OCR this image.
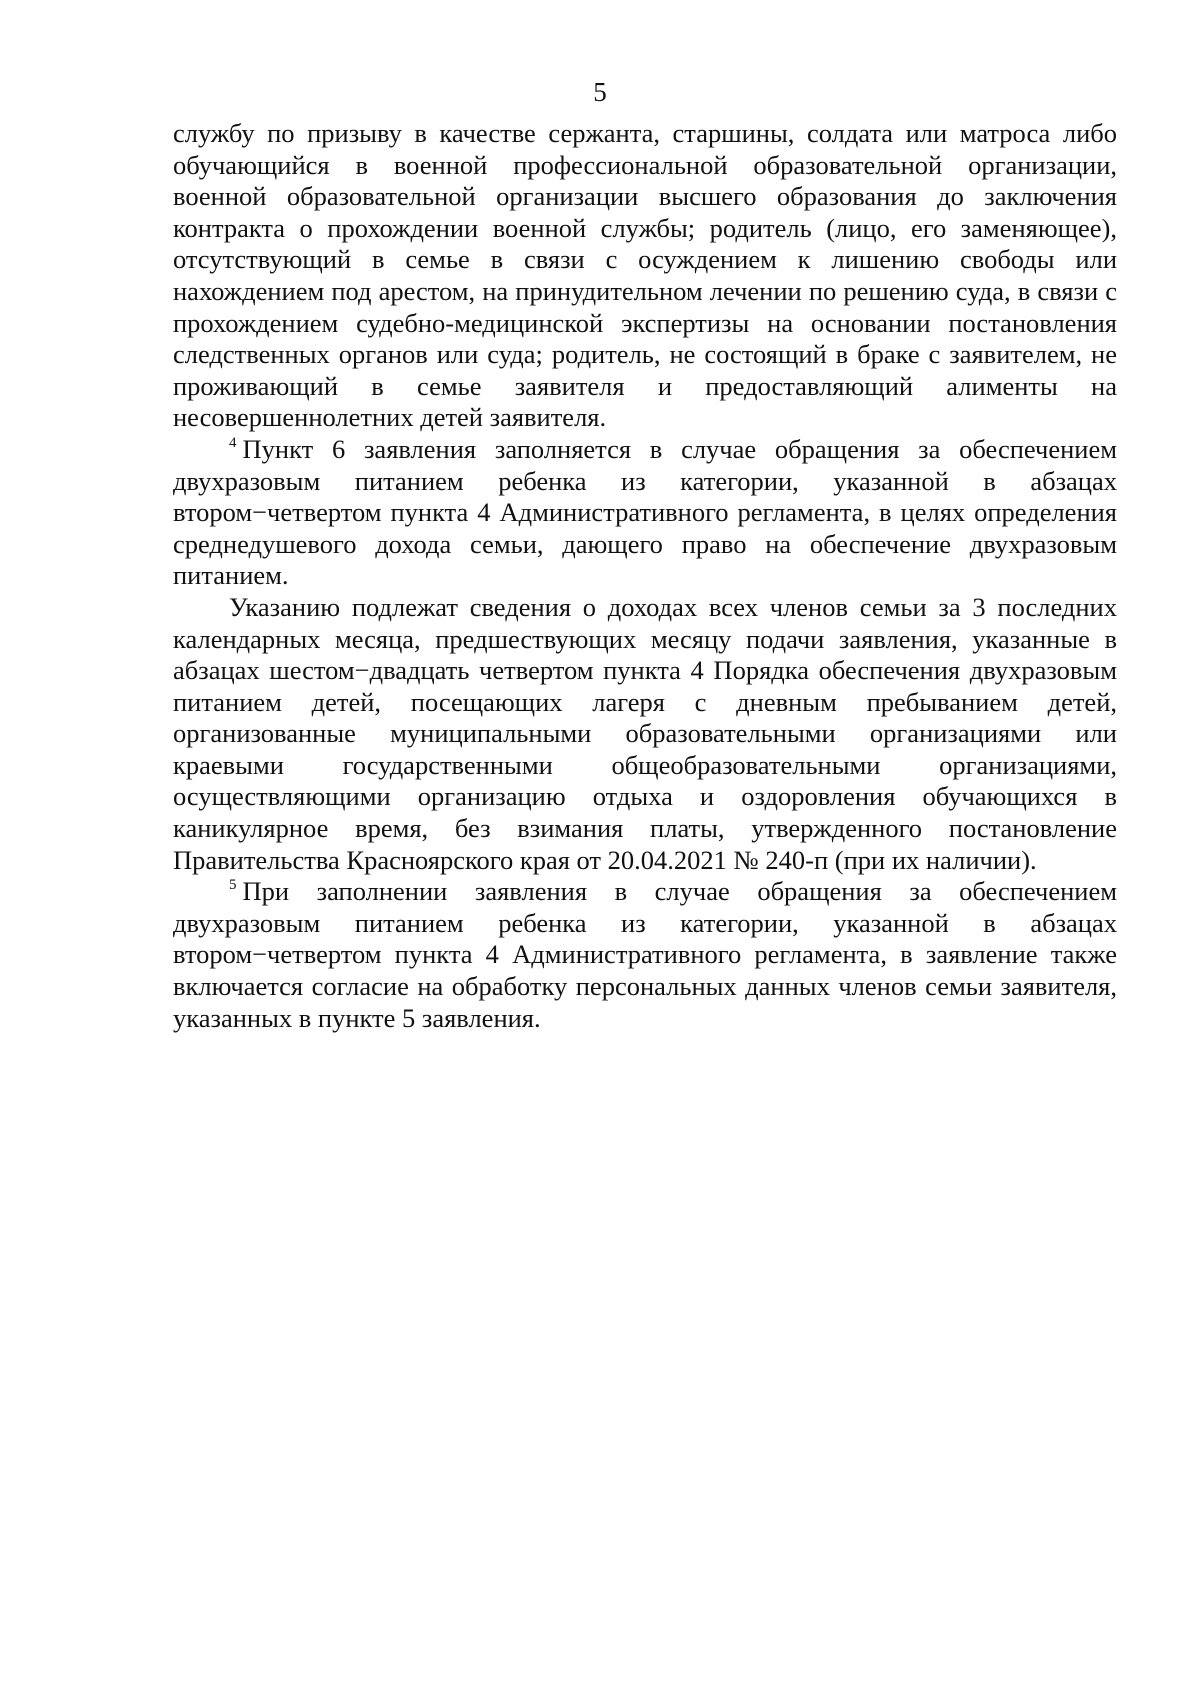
5

службу по призыву в качестве сержанта, старшины, солдата или матроса либо обучающийся в военной профессиональной образовательной организации, военной образовательной организации высшего образования до заключения контракта о прохождении военной службы; родитель (лицо, его заменяющее), отсутствующий в семье в связи с осуждением к лишению свободы или нахождением под арестом, на принудительном лечении по решению суда, в связи с прохождением судебно-медицинской экспертизы на основании постановления следственных органов или суда; родитель, не состоящий в браке с заявителем, не проживающий в семье заявителя и предоставляющий алименты на несовершеннолетних детей заявителя.

$^4$ Пункт 6 заявления заполняется в случае обращения за обеспечением двухразовым питанием ребенка из категории, указанной в абзацах втором−четвертом пункта 4 Административного регламента, в целях определения среднедушевого дохода семьи, дающего право на обеспечение двухразовым питанием.

Указанию подлежат сведения о доходах всех членов семьи за 3 последних календарных месяца, предшествующих месяцу подачи заявления, указанные в абзацах шестом−двадцать четвертом пункта 4 Порядка обеспечения двухразовым питанием детей, посещающих лагеря с дневным пребыванием детей, организованные муниципальными образовательными организациями или краевыми государственными общеобразовательными организациями, осуществляющими организацию отдыха и оздоровления обучающихся в каникулярное время, без взимания платы, утвержденного постановление Правительства Красноярского края от 20.04.2021 № 240-п (при их наличии).

$^5$ При заполнении заявления в случае обращения за обеспечением двухразовым питанием ребенка из категории, указанной в абзацах втором−четвертом пункта 4 Административного регламента, в заявление также включается согласие на обработку персональных данных членов семьи заявителя, указанных в пункте 5 заявления.
